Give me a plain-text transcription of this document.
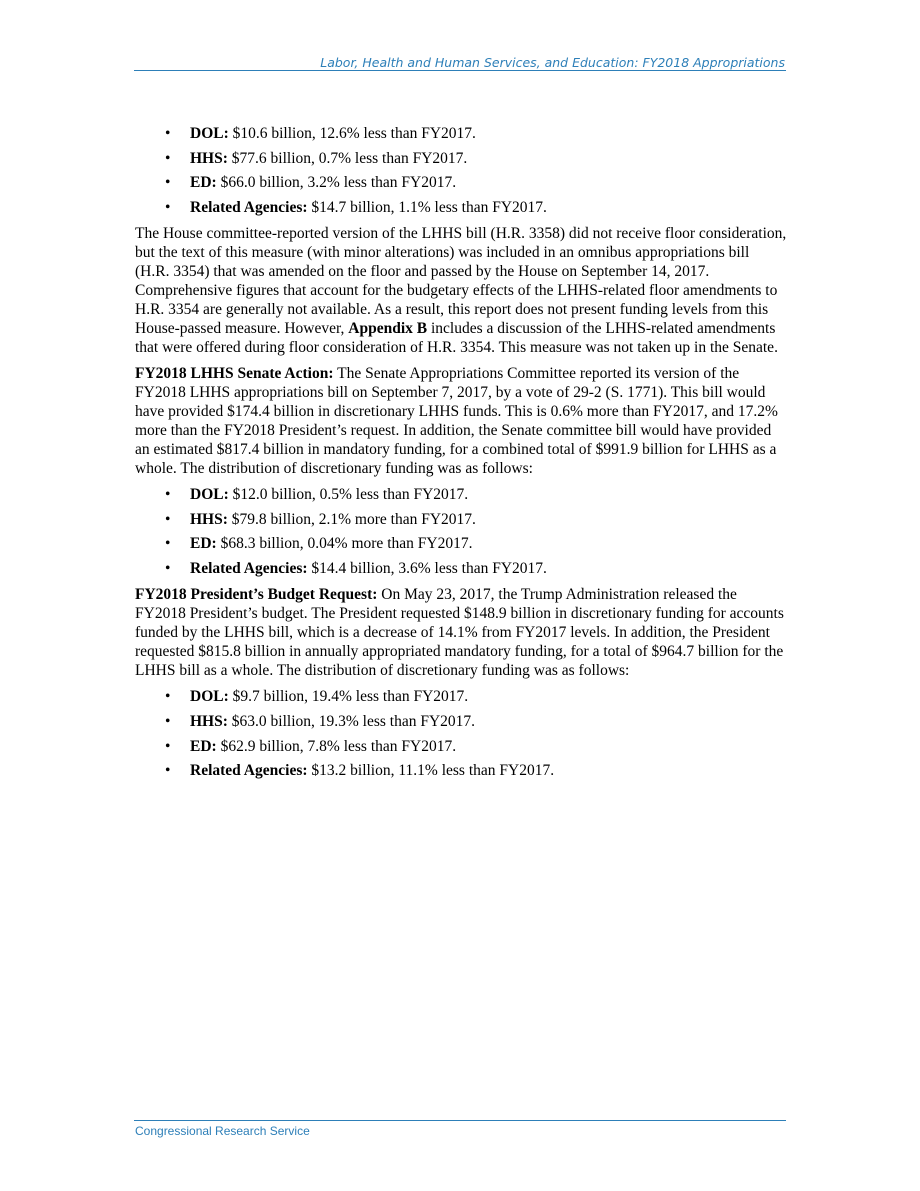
Labor, Health and Human Services, and Education: FY2018 Appropriations
• DOL: $10.6 billion, 12.6% less than FY2017.
• HHS: $77.6 billion, 0.7% less than FY2017.
• ED: $66.0 billion, 3.2% less than FY2017.
• Related Agencies: $14.7 billion, 1.1% less than FY2017.

The House committee-reported version of the LHHS bill (H.R. 3358) did not receive floor consideration, but the text of this measure (with minor alterations) was included in an omnibus appropriations bill (H.R. 3354) that was amended on the floor and passed by the House on September 14, 2017. Comprehensive figures that account for the budgetary effects of the LHHS-related floor amendments to H.R. 3354 are generally not available. As a result, this report does not present funding levels from this House-passed measure. However, Appendix B includes a discussion of the LHHS-related amendments that were offered during floor consideration of H.R. 3354. This measure was not taken up in the Senate.

FY2018 LHHS Senate Action: The Senate Appropriations Committee reported its version of the FY2018 LHHS appropriations bill on September 7, 2017, by a vote of 29-2 (S. 1771). This bill would have provided $174.4 billion in discretionary LHHS funds. This is 0.6% more than FY2017, and 17.2% more than the FY2018 President’s request. In addition, the Senate committee bill would have provided an estimated $817.4 billion in mandatory funding, for a combined total of $991.9 billion for LHHS as a whole. The distribution of discretionary funding was as follows:

• DOL: $12.0 billion, 0.5% less than FY2017.
• HHS: $79.8 billion, 2.1% more than FY2017.
• ED: $68.3 billion, 0.04% more than FY2017.
• Related Agencies: $14.4 billion, 3.6% less than FY2017.

FY2018 President’s Budget Request: On May 23, 2017, the Trump Administration released the FY2018 President’s budget. The President requested $148.9 billion in discretionary funding for accounts funded by the LHHS bill, which is a decrease of 14.1% from FY2017 levels. In addition, the President requested $815.8 billion in annually appropriated mandatory funding, for a total of $964.7 billion for the LHHS bill as a whole. The distribution of discretionary funding was as follows:

• DOL: $9.7 billion, 19.4% less than FY2017.
• HHS: $63.0 billion, 19.3% less than FY2017.
• ED: $62.9 billion, 7.8% less than FY2017.
• Related Agencies: $13.2 billion, 11.1% less than FY2017.
Congressional Research Service
